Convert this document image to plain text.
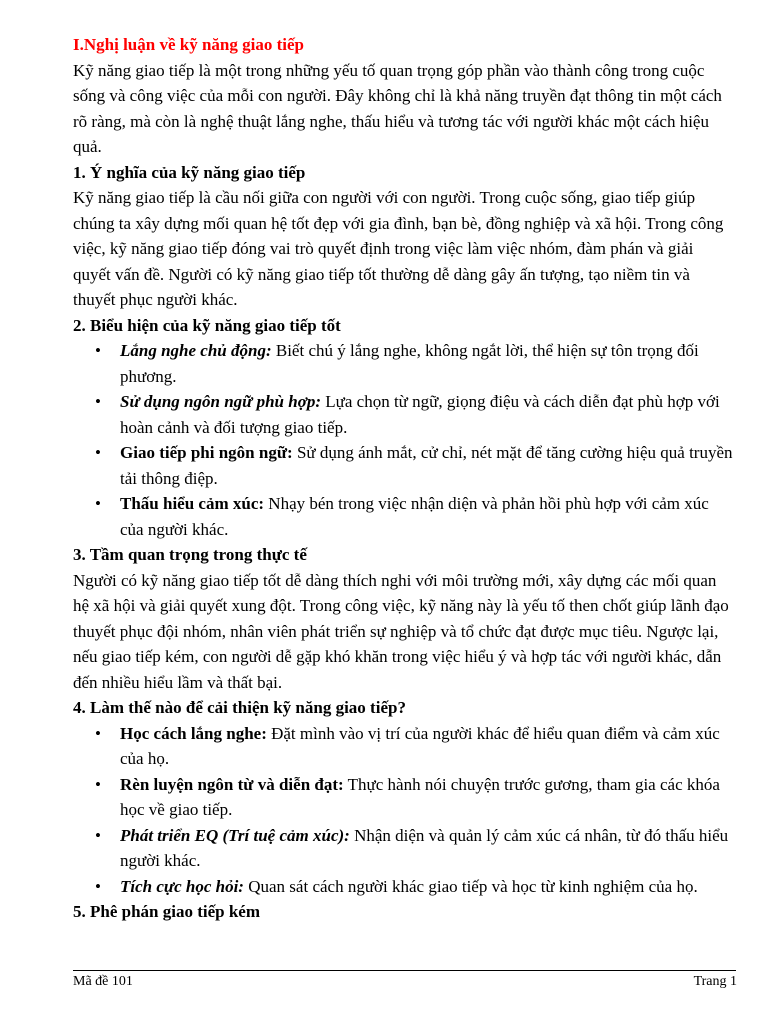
I.Nghị luận về kỹ năng giao tiếp

Kỹ năng giao tiếp là một trong những yếu tố quan trọng góp phần vào thành công trong cuộc sống và công việc của mỗi con người. Đây không chỉ là khả năng truyền đạt thông tin một cách rõ ràng, mà còn là nghệ thuật lắng nghe, thấu hiểu và tương tác với người khác một cách hiệu quả.

1. Ý nghĩa của kỹ năng giao tiếp

Kỹ năng giao tiếp là cầu nối giữa con người với con người. Trong cuộc sống, giao tiếp giúp chúng ta xây dựng mối quan hệ tốt đẹp với gia đình, bạn bè, đồng nghiệp và xã hội. Trong công việc, kỹ năng giao tiếp đóng vai trò quyết định trong việc làm việc nhóm, đàm phán và giải quyết vấn đề. Người có kỹ năng giao tiếp tốt thường dễ dàng gây ấn tượng, tạo niềm tin và thuyết phục người khác.

2. Biểu hiện của kỹ năng giao tiếp tốt

• Lắng nghe chủ động: Biết chú ý lắng nghe, không ngắt lời, thể hiện sự tôn trọng đối phương.
• Sử dụng ngôn ngữ phù hợp: Lựa chọn từ ngữ, giọng điệu và cách diễn đạt phù hợp với hoàn cảnh và đối tượng giao tiếp.
• Giao tiếp phi ngôn ngữ: Sử dụng ánh mắt, cử chỉ, nét mặt để tăng cường hiệu quả truyền tải thông điệp.
• Thấu hiểu cảm xúc: Nhạy bén trong việc nhận diện và phản hồi phù hợp với cảm xúc của người khác.

3. Tầm quan trọng trong thực tế

Người có kỹ năng giao tiếp tốt dễ dàng thích nghi với môi trường mới, xây dựng các mối quan hệ xã hội và giải quyết xung đột. Trong công việc, kỹ năng này là yếu tố then chốt giúp lãnh đạo thuyết phục đội nhóm, nhân viên phát triển sự nghiệp và tổ chức đạt được mục tiêu. Ngược lại, nếu giao tiếp kém, con người dễ gặp khó khăn trong việc hiểu ý và hợp tác với người khác, dẫn đến nhiều hiểu lầm và thất bại.

4. Làm thế nào để cải thiện kỹ năng giao tiếp?

• Học cách lắng nghe: Đặt mình vào vị trí của người khác để hiểu quan điểm và cảm xúc của họ.
• Rèn luyện ngôn từ và diễn đạt: Thực hành nói chuyện trước gương, tham gia các khóa học về giao tiếp.
• Phát triển EQ (Trí tuệ cảm xúc): Nhận diện và quản lý cảm xúc cá nhân, từ đó thấu hiểu người khác.
• Tích cực học hỏi: Quan sát cách người khác giao tiếp và học từ kinh nghiệm của họ.

5. Phê phán giao tiếp kém

Mã đề 101	Trang 1
